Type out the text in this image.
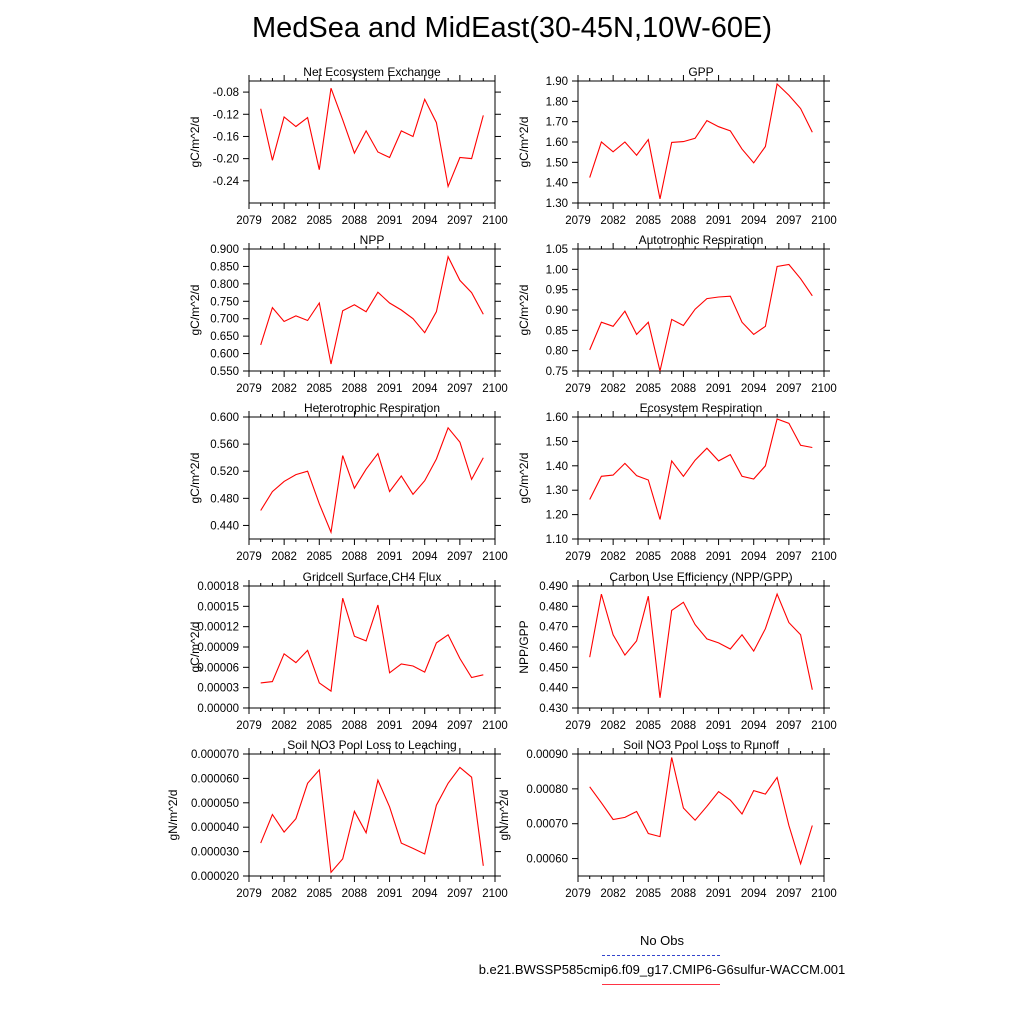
MedSea and MidEast(30-45N,10W-60E)
Net Ecosystem Exchange
2079 2082 2085 2088 2091 2094 2097 2100
-0.08
-0.12
-0.16
-0.20
-0.24
gC/m^2/d
GPP
2079 2082 2085 2088 2091 2094 2097 2100
1.90
1.80
1.70
1.60
1.50
1.40
1.30
gC/m^2/d
NPP
2079 2082 2085 2088 2091 2094 2097 2100
0.900
0.850
0.800
0.750
0.700
0.650
0.600
0.550
gC/m^2/d
Autotrophic Respiration
2079 2082 2085 2088 2091 2094 2097 2100
1.05
1.00
0.95
0.90
0.85
0.80
0.75
gC/m^2/d
Heterotrophic Respiration
2079 2082 2085 2088 2091 2094 2097 2100
0.600
0.560
0.520
0.480
0.440
gC/m^2/d
Ecosystem Respiration
2079 2082 2085 2088 2091 2094 2097 2100
1.60
1.50
1.40
1.30
1.20
1.10
gC/m^2/d
Gridcell Surface CH4 Flux
2079 2082 2085 2088 2091 2094 2097 2100
0.00018
0.00015
0.00012
0.00009
0.00006
0.00003
0.00000
gC/m^2/d
Carbon Use Efficiency (NPP/GPP)
2079 2082 2085 2088 2091 2094 2097 2100
0.490
0.480
0.470
0.460
0.450
0.440
0.430
NPP/GPP
Soil NO3 Pool Loss to Leaching
2079 2082 2085 2088 2091 2094 2097 2100
0.000070
0.000060
0.000050
0.000040
0.000030
0.000020
gN/m^2/d
Soil NO3 Pool Loss to Runoff
2079 2082 2085 2088 2091 2094 2097 2100
0.00090
0.00080
0.00070
0.00060
gN/m^2/d
No Obs
b.e21.BWSSP585cmip6.f09_g17.CMIP6-G6sulfur-WACCM.001
